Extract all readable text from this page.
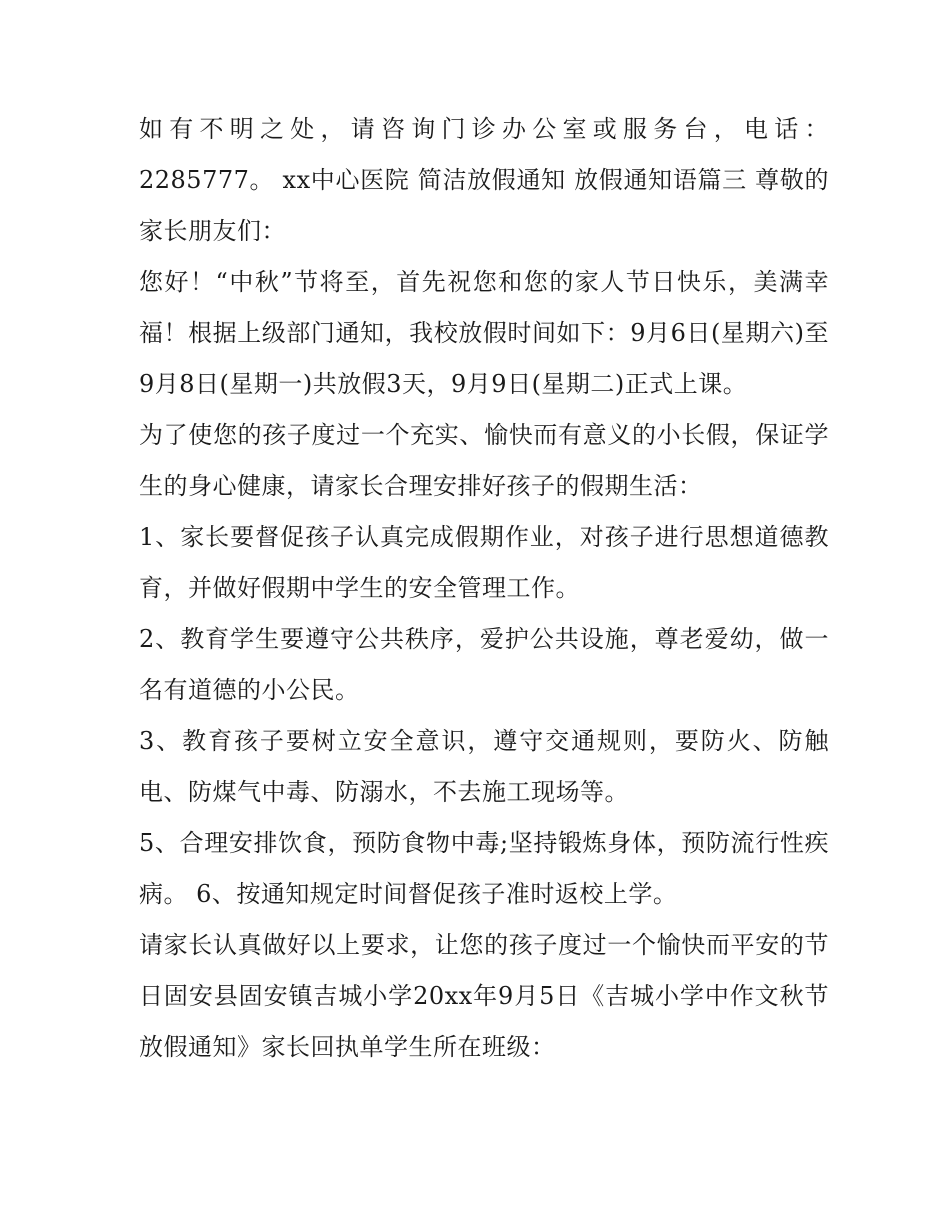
如有不明之处，请咨询门诊办公室或服务台，电话：2285777。 xx中心医院 简洁放假通知 放假通知语篇三 尊敬的家长朋友们：

您好！“中秋”节将至，首先祝您和您的家人节日快乐，美满幸福！根据上级部门通知，我校放假时间如下：9月6日(星期六)至9月8日(星期一)共放假3天，9月9日(星期二)正式上课。

为了使您的孩子度过一个充实、愉快而有意义的小长假，保证学生的身心健康，请家长合理安排好孩子的假期生活：

1、家长要督促孩子认真完成假期作业，对孩子进行思想道德教育，并做好假期中学生的安全管理工作。

2、教育学生要遵守公共秩序，爱护公共设施，尊老爱幼，做一名有道德的小公民。

3、教育孩子要树立安全意识，遵守交通规则，要防火、防触电、防煤气中毒、防溺水，不去施工现场等。

5、合理安排饮食，预防食物中毒;坚持锻炼身体，预防流行性疾病。 6、按通知规定时间督促孩子准时返校上学。

请家长认真做好以上要求，让您的孩子度过一个愉快而平安的节日固安县固安镇吉城小学20xx年9月5日《吉城小学中作文秋节放假通知》家长回执单学生所在班级：
